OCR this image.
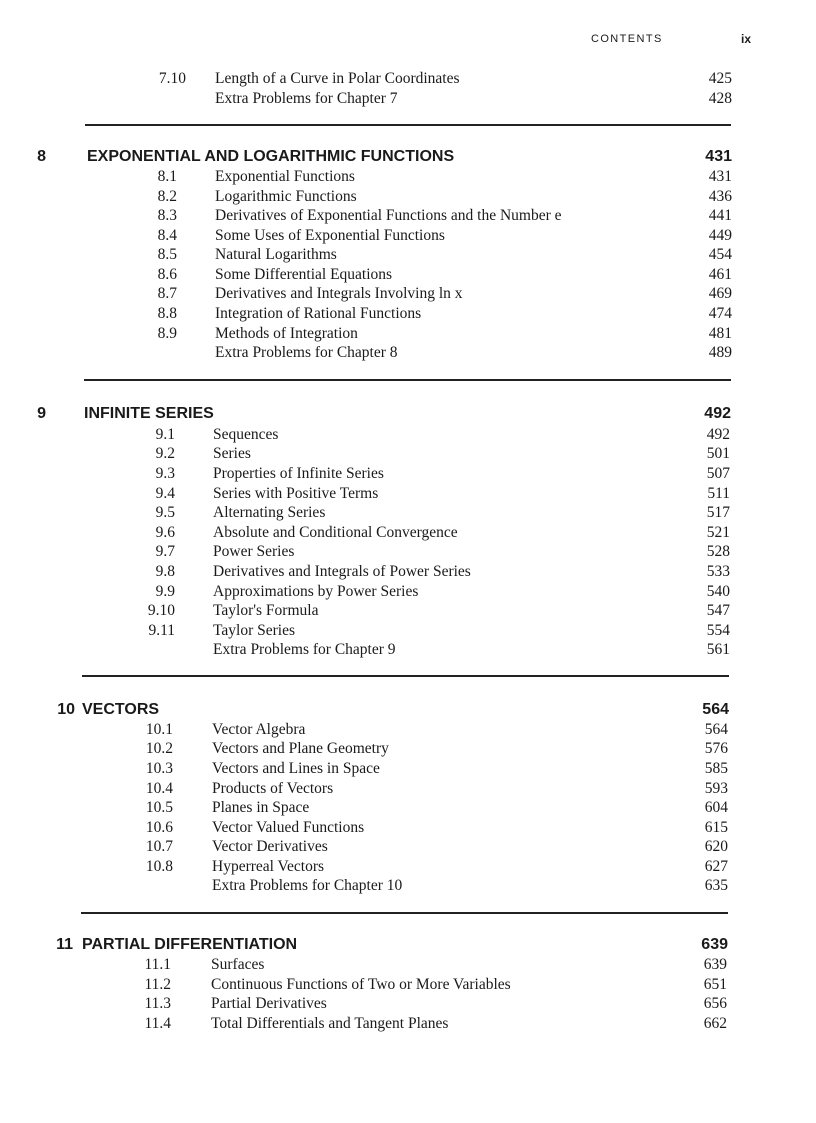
CONTENTS	ix
7.10 Length of a Curve in Polar Coordinates	425
Extra Problems for Chapter 7	428
8	EXPONENTIAL AND LOGARITHMIC FUNCTIONS	431
8.1 Exponential Functions	431
8.2 Logarithmic Functions	436
8.3 Derivatives of Exponential Functions and the Number e	441
8.4 Some Uses of Exponential Functions	449
8.5 Natural Logarithms	454
8.6 Some Differential Equations	461
8.7 Derivatives and Integrals Involving ln x	469
8.8 Integration of Rational Functions	474
8.9 Methods of Integration	481
Extra Problems for Chapter 8	489
9 INFINITE SERIES	492
9.1 Sequences	492
9.2 Series	501
9.3 Properties of Infinite Series	507
9.4 Series with Positive Terms	511
9.5 Alternating Series	517
9.6 Absolute and Conditional Convergence	521
9.7 Power Series	528
9.8 Derivatives and Integrals of Power Series	533
9.9 Approximations by Power Series	540
9.10 Taylor's Formula	547
9.11 Taylor Series	554
Extra Problems for Chapter 9	561
10 VECTORS	564
10.1	Vector Algebra	564
10.2	Vectors and Plane Geometry	576
10.3	Vectors and Lines in Space	585
10.4	Products of Vectors	593
10.5	Planes in Space	604
10.6	Vector Valued Functions	615
10.7	Vector Derivatives	620
10.8	Hyperreal Vectors	627
Extra Problems for Chapter 10	635
11 PARTIAL DIFFERENTIATION	639
11.1	Surfaces	639
11.2	Continuous Functions of Two or More Variables	651
11.3	Partial Derivatives	656
11.4	Total Differentials and Tangent Planes	662
